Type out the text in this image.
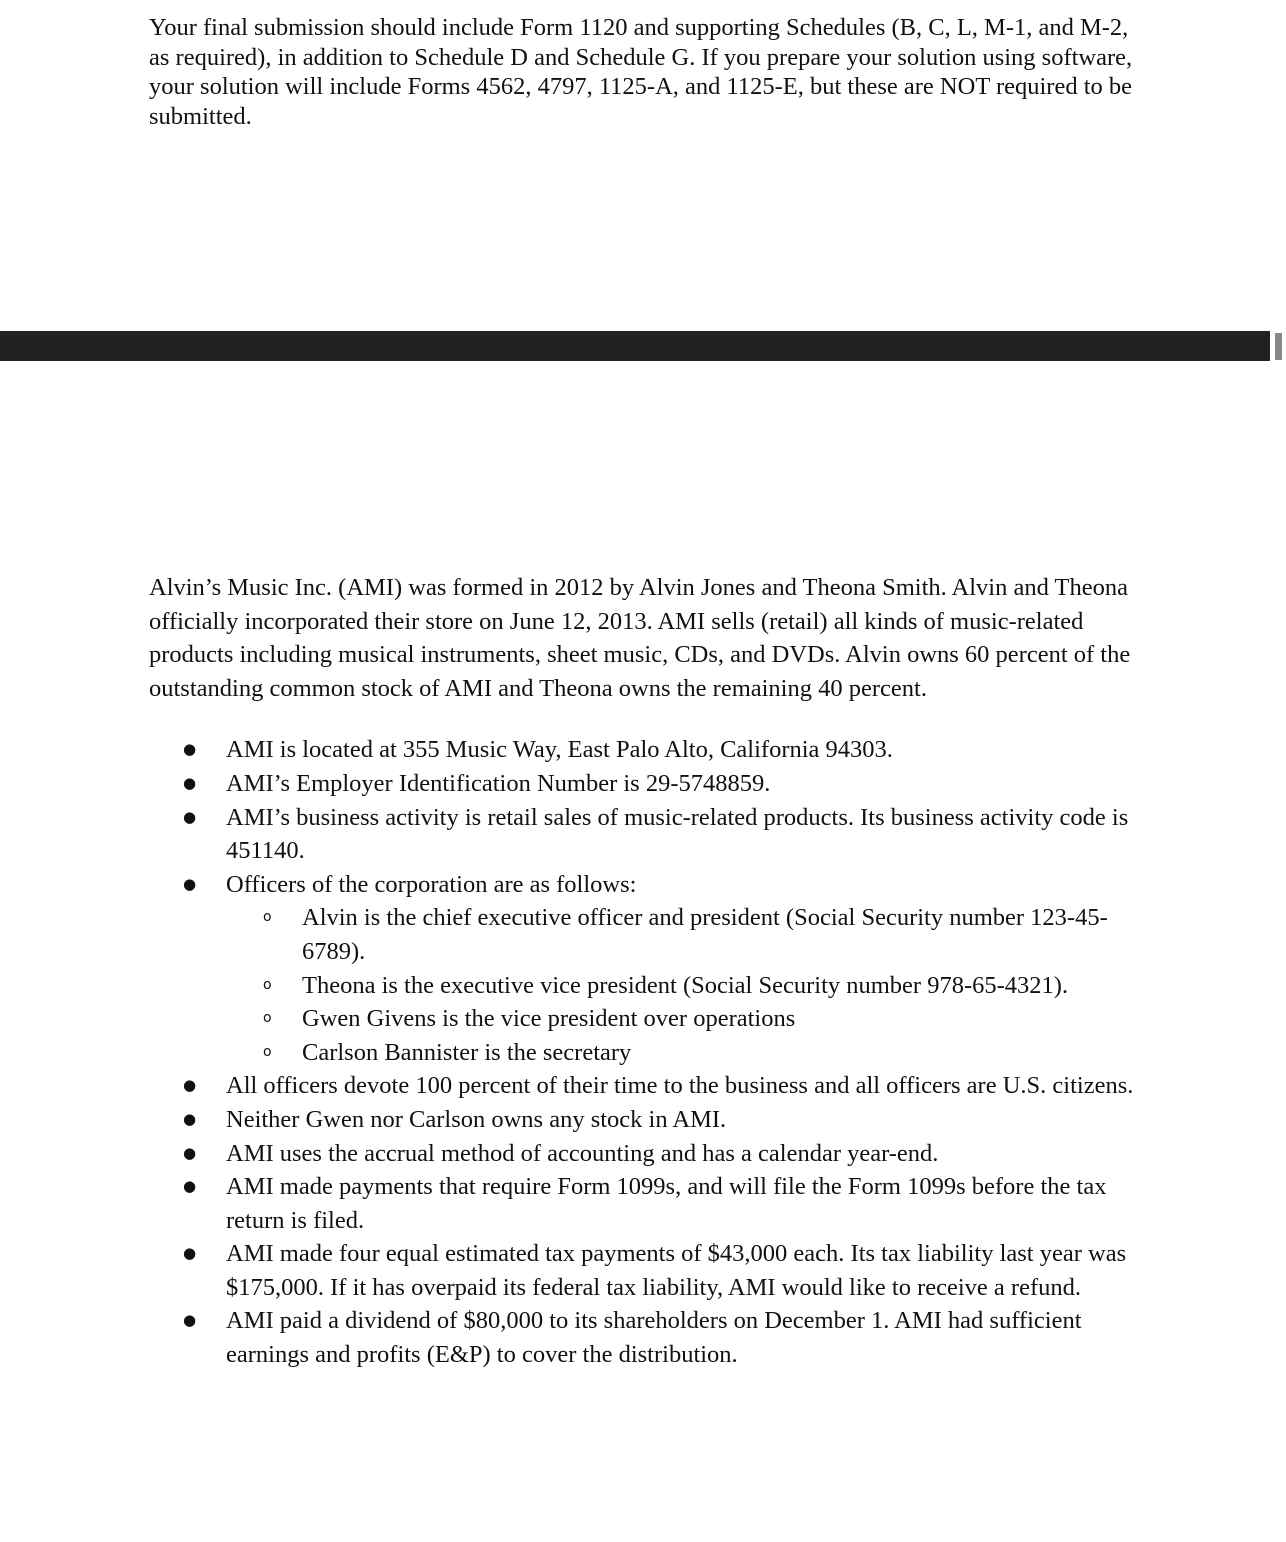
Your final submission should include Form 1120 and supporting Schedules (B, C, L, M-1, and M-2, as required), in addition to Schedule D and Schedule G. If you prepare your solution using software, your solution will include Forms 4562, 4797, 1125-A, and 1125-E, but these are NOT required to be submitted.

Alvin’s Music Inc. (AMI) was formed in 2012 by Alvin Jones and Theona Smith. Alvin and Theona officially incorporated their store on June 12, 2013. AMI sells (retail) all kinds of music-related products including musical instruments, sheet music, CDs, and DVDs. Alvin owns 60 percent of the outstanding common stock of AMI and Theona owns the remaining 40 percent.

● AMI is located at 355 Music Way, East Palo Alto, California 94303.
● AMI’s Employer Identification Number is 29-5748859.
● AMI’s business activity is retail sales of music-related products. Its business activity code is 451140.
● Officers of the corporation are as follows:
o Alvin is the chief executive officer and president (Social Security number 123-45-6789).
o Theona is the executive vice president (Social Security number 978-65-4321).
o Gwen Givens is the vice president over operations
o Carlson Bannister is the secretary
● All officers devote 100 percent of their time to the business and all officers are U.S. citizens.
● Neither Gwen nor Carlson owns any stock in AMI.
● AMI uses the accrual method of accounting and has a calendar year-end.
● AMI made payments that require Form 1099s, and will file the Form 1099s before the tax return is filed.
● AMI made four equal estimated tax payments of $43,000 each. Its tax liability last year was $175,000. If it has overpaid its federal tax liability, AMI would like to receive a refund.
● AMI paid a dividend of $80,000 to its shareholders on December 1. AMI had sufficient earnings and profits (E&P) to cover the distribution.
